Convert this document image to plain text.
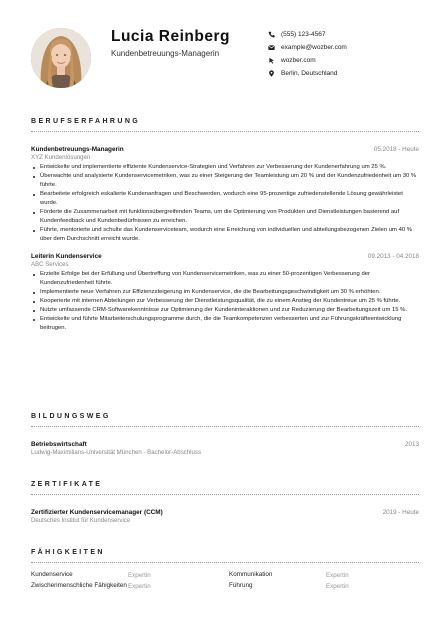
Lucia Reinberg
Kundenbetreuungs-Managerin
(555) 123-4567
example@wozber.com
wozber.com
Berlin, Deutschland
BERUFSERFAHRUNG
Kundenbetreuungs-Managerin	05.2018 - Heute
XYZ Kundenlösungen
Entwickelte und implementierte effiziente Kundenservice-Strategien und Verfahren zur Verbesserung der Kundenerfahrung um 25 %.
Überwachte und analysierte Kundenservicemetriken, was zu einer Steigerung der Teamleistung um 20 % und der Kundenzufriedenheit um 30 % führte.
Bearbeitete erfolgreich eskalierte Kundenanfragen und Beschwerden, wodurch eine 95-prozentige zufriedenstellende Lösung gewährleistet wurde.
Förderte die Zusammenarbeit mit funktionsübergreifenden Teams, um die Optimierung von Produkten und Dienstleistungen basierend auf Kundenfeedback und Kundenbedürfnissen zu erreichen.
Führte, mentorierte und schulte das Kundenserviceteam, wodurch eine Erreichung von individuellen und abteilungsbezogenen Zielen um 40 % über dem Durchschnitt erreicht wurde.
Leiterin Kundenservice	09.2013 - 04.2018
ABC Services
Erzielte Erfolge bei der Erfüllung und Übertreffung von Kundenservicemetriken, was zu einer 50-prozentigen Verbesserung der Kundenzufriedenheit führte.
Implementierte neue Verfahren zur Effizienzsteigerung im Kundenservice, die die Bearbeitungsgeschwindigkeit um 30 % erhöhten.
Kooperierte mit internen Abteilungen zur Verbesserung der Dienstleistungsqualität, die zu einem Anstieg der Kundentreue um 25 % führte.
Nutzte umfassende CRM-Softwarekenntnisse zur Optimierung der Kundeninteraktionen und zur Reduzierung der Bearbeitungszeit um 15 %.
Entwickelte und führte Mitarbeiterschulungsprogramme durch, die die Teamkompetenzen verbesserten und zur Führungskräfteentwicklung beitrugen.
BILDUNGSWEG
Betriebswirtschaft	2013
Ludwig-Maximilians-Universität München - Bachelor-Abschluss
ZERTIFIKATE
Zertifizierter Kundenservicemanager (CCM)	2019 - Heute
Deutsches Institut für Kundenservice
FÄHIGKEITEN
Kundenservice	Expertin	Kommunikation	Expertin
Zwischenmenschliche Fähigkeiten Expertin	Führung	Expertin
